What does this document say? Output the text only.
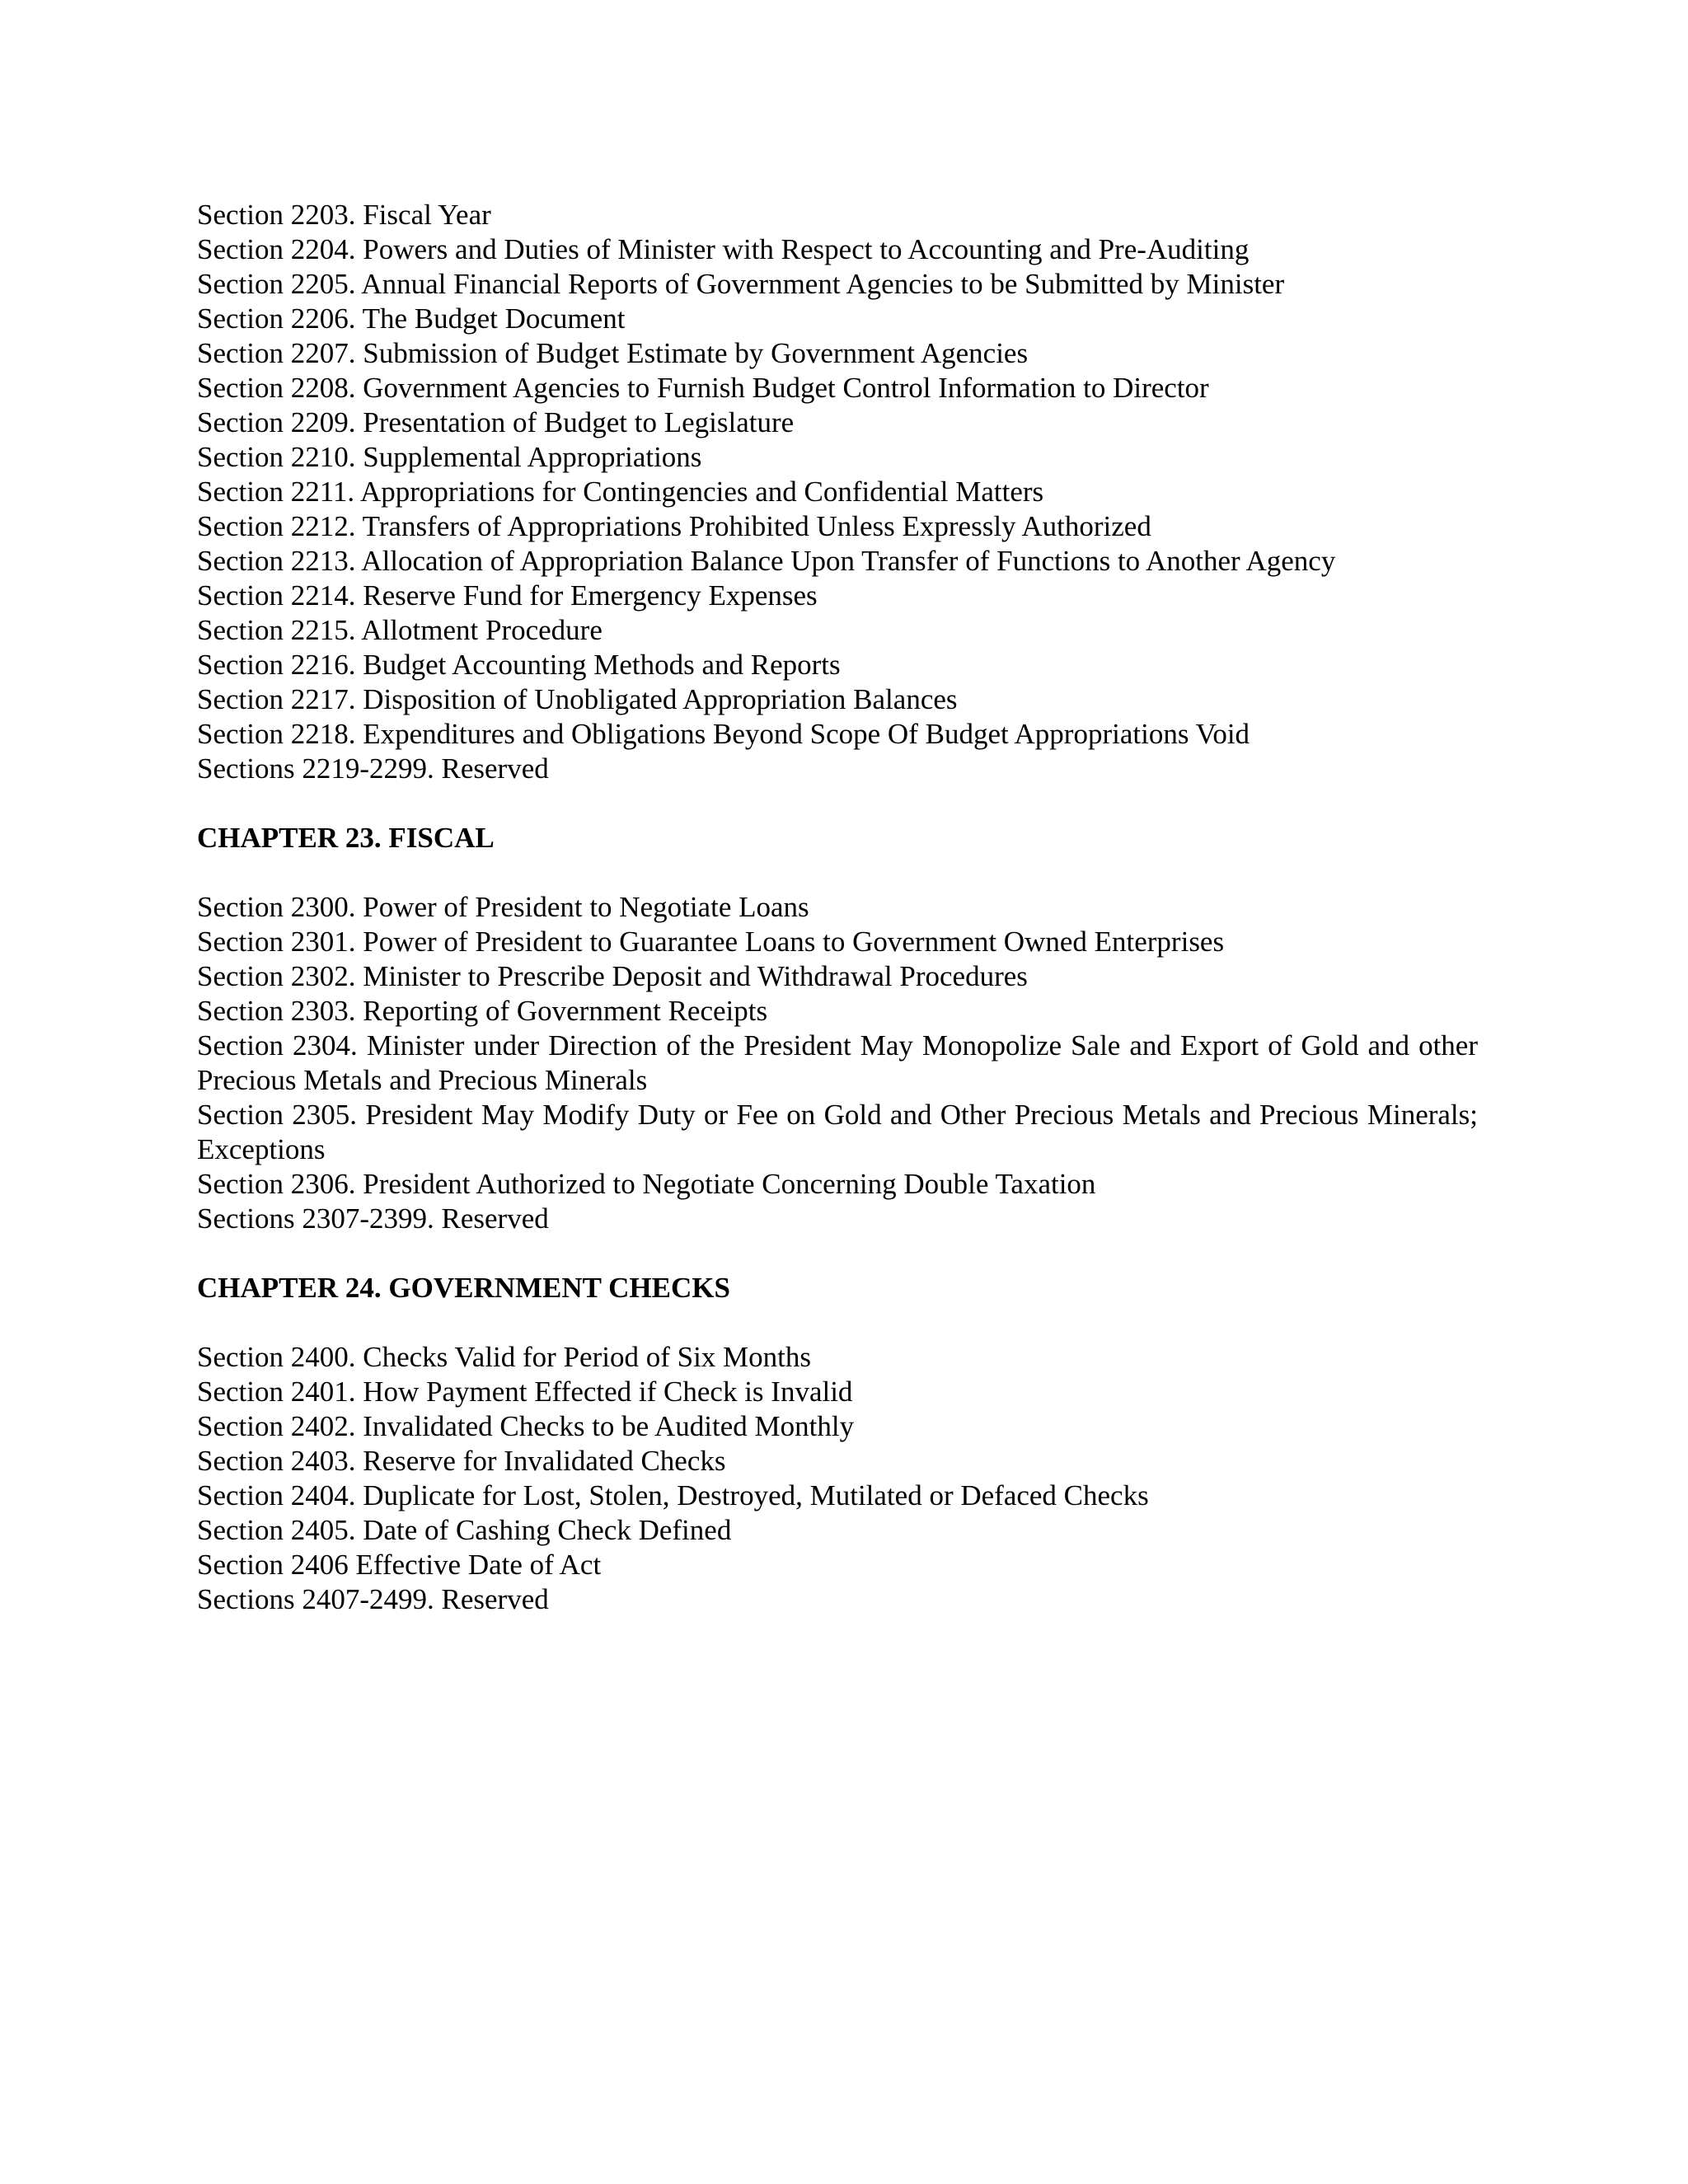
Section 2203. Fiscal Year

Section 2204. Powers and Duties of Minister with Respect to Accounting and Pre-Auditing

Section 2205. Annual Financial Reports of Government Agencies to be Submitted by Minister

Section 2206. The Budget Document

Section 2207. Submission of Budget Estimate by Government Agencies

Section 2208. Government Agencies to Furnish Budget Control Information to Director

Section 2209. Presentation of Budget to Legislature

Section 2210. Supplemental Appropriations

Section 2211. Appropriations for Contingencies and Confidential Matters

Section 2212. Transfers of Appropriations Prohibited Unless Expressly Authorized

Section 2213. Allocation of Appropriation Balance Upon Transfer of Functions to Another Agency

Section 2214. Reserve Fund for Emergency Expenses

Section 2215. Allotment Procedure

Section 2216. Budget Accounting Methods and Reports

Section 2217. Disposition of Unobligated Appropriation Balances

Section 2218. Expenditures and Obligations Beyond Scope Of Budget Appropriations Void

Sections 2219-2299. Reserved

CHAPTER 23. FISCAL

Section 2300. Power of President to Negotiate Loans

Section 2301. Power of President to Guarantee Loans to Government Owned Enterprises

Section 2302. Minister to Prescribe Deposit and Withdrawal Procedures

Section 2303. Reporting of Government Receipts

Section 2304. Minister under Direction of the President May Monopolize Sale and Export of Gold and other Precious Metals and Precious Minerals

Section 2305. President May Modify Duty or Fee on Gold and Other Precious Metals and Precious Minerals; Exceptions

Section 2306. President Authorized to Negotiate Concerning Double Taxation

Sections 2307-2399. Reserved

CHAPTER 24. GOVERNMENT CHECKS

Section 2400. Checks Valid for Period of Six Months

Section 2401. How Payment Effected if Check is Invalid

Section 2402. Invalidated Checks to be Audited Monthly

Section 2403. Reserve for Invalidated Checks

Section 2404. Duplicate for Lost, Stolen, Destroyed, Mutilated or Defaced Checks

Section 2405. Date of Cashing Check Defined

Section 2406 Effective Date of Act

Sections 2407-2499. Reserved
